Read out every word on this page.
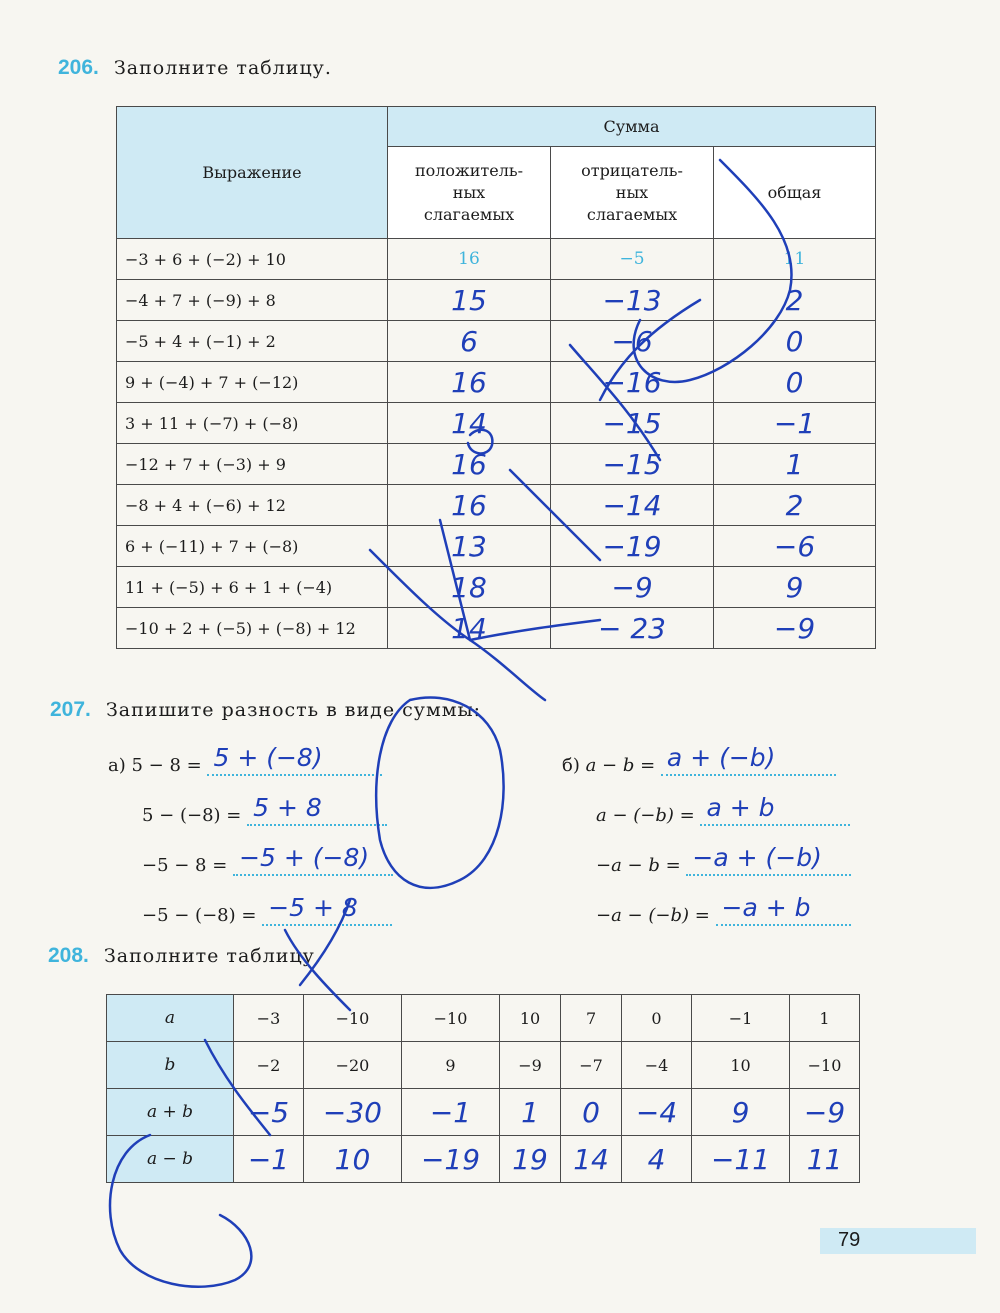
206. Заполните таблицу.
Выражение	Сумма		
	положитель-
ных
слагаемых	отрицатель-
ных
слагаемых	общая
−3 + 6 + (−2) + 10	16	−5	11
−4 + 7 + (−9) + 8	15	−13	2
−5 + 4 + (−1) + 2	6	−6	0
9 + (−4) + 7 + (−12)	16	−16	0
3 + 11 + (−7) + (−8)	14	−15	−1
−12 + 7 + (−3) + 9	16	−15	1
−8 + 4 + (−6) + 12	16	−14	2
6 + (−11) + 7 + (−8)	13	−19	−6
11 + (−5) + 6 + 1 + (−4)	18	−9	9
−10 + 2 + (−5) + (−8) + 12	14	− 23	−9
207. Запишите разность в виде суммы:
а) 5 − 8 = 5 + (−8)
5 − (−8) = 5 + 8
−5 − 8 = −5 + (−8)
−5 − (−8) = −5 + 8
б) a − b = a + (−b)
a − (−b) = a + b
−a − b = −a + (−b)
−a − (−b) = −a + b
208. Заполните таблицу.
a	−3	−10	−10	10	7	0	−1	1
b	−2	−20	9	−9	−7	−4	10	−10
a + b	−5	−30	−1	1	0	−4	9	−9
a − b	−1	10	−19	19	14	4	−11	11
79
